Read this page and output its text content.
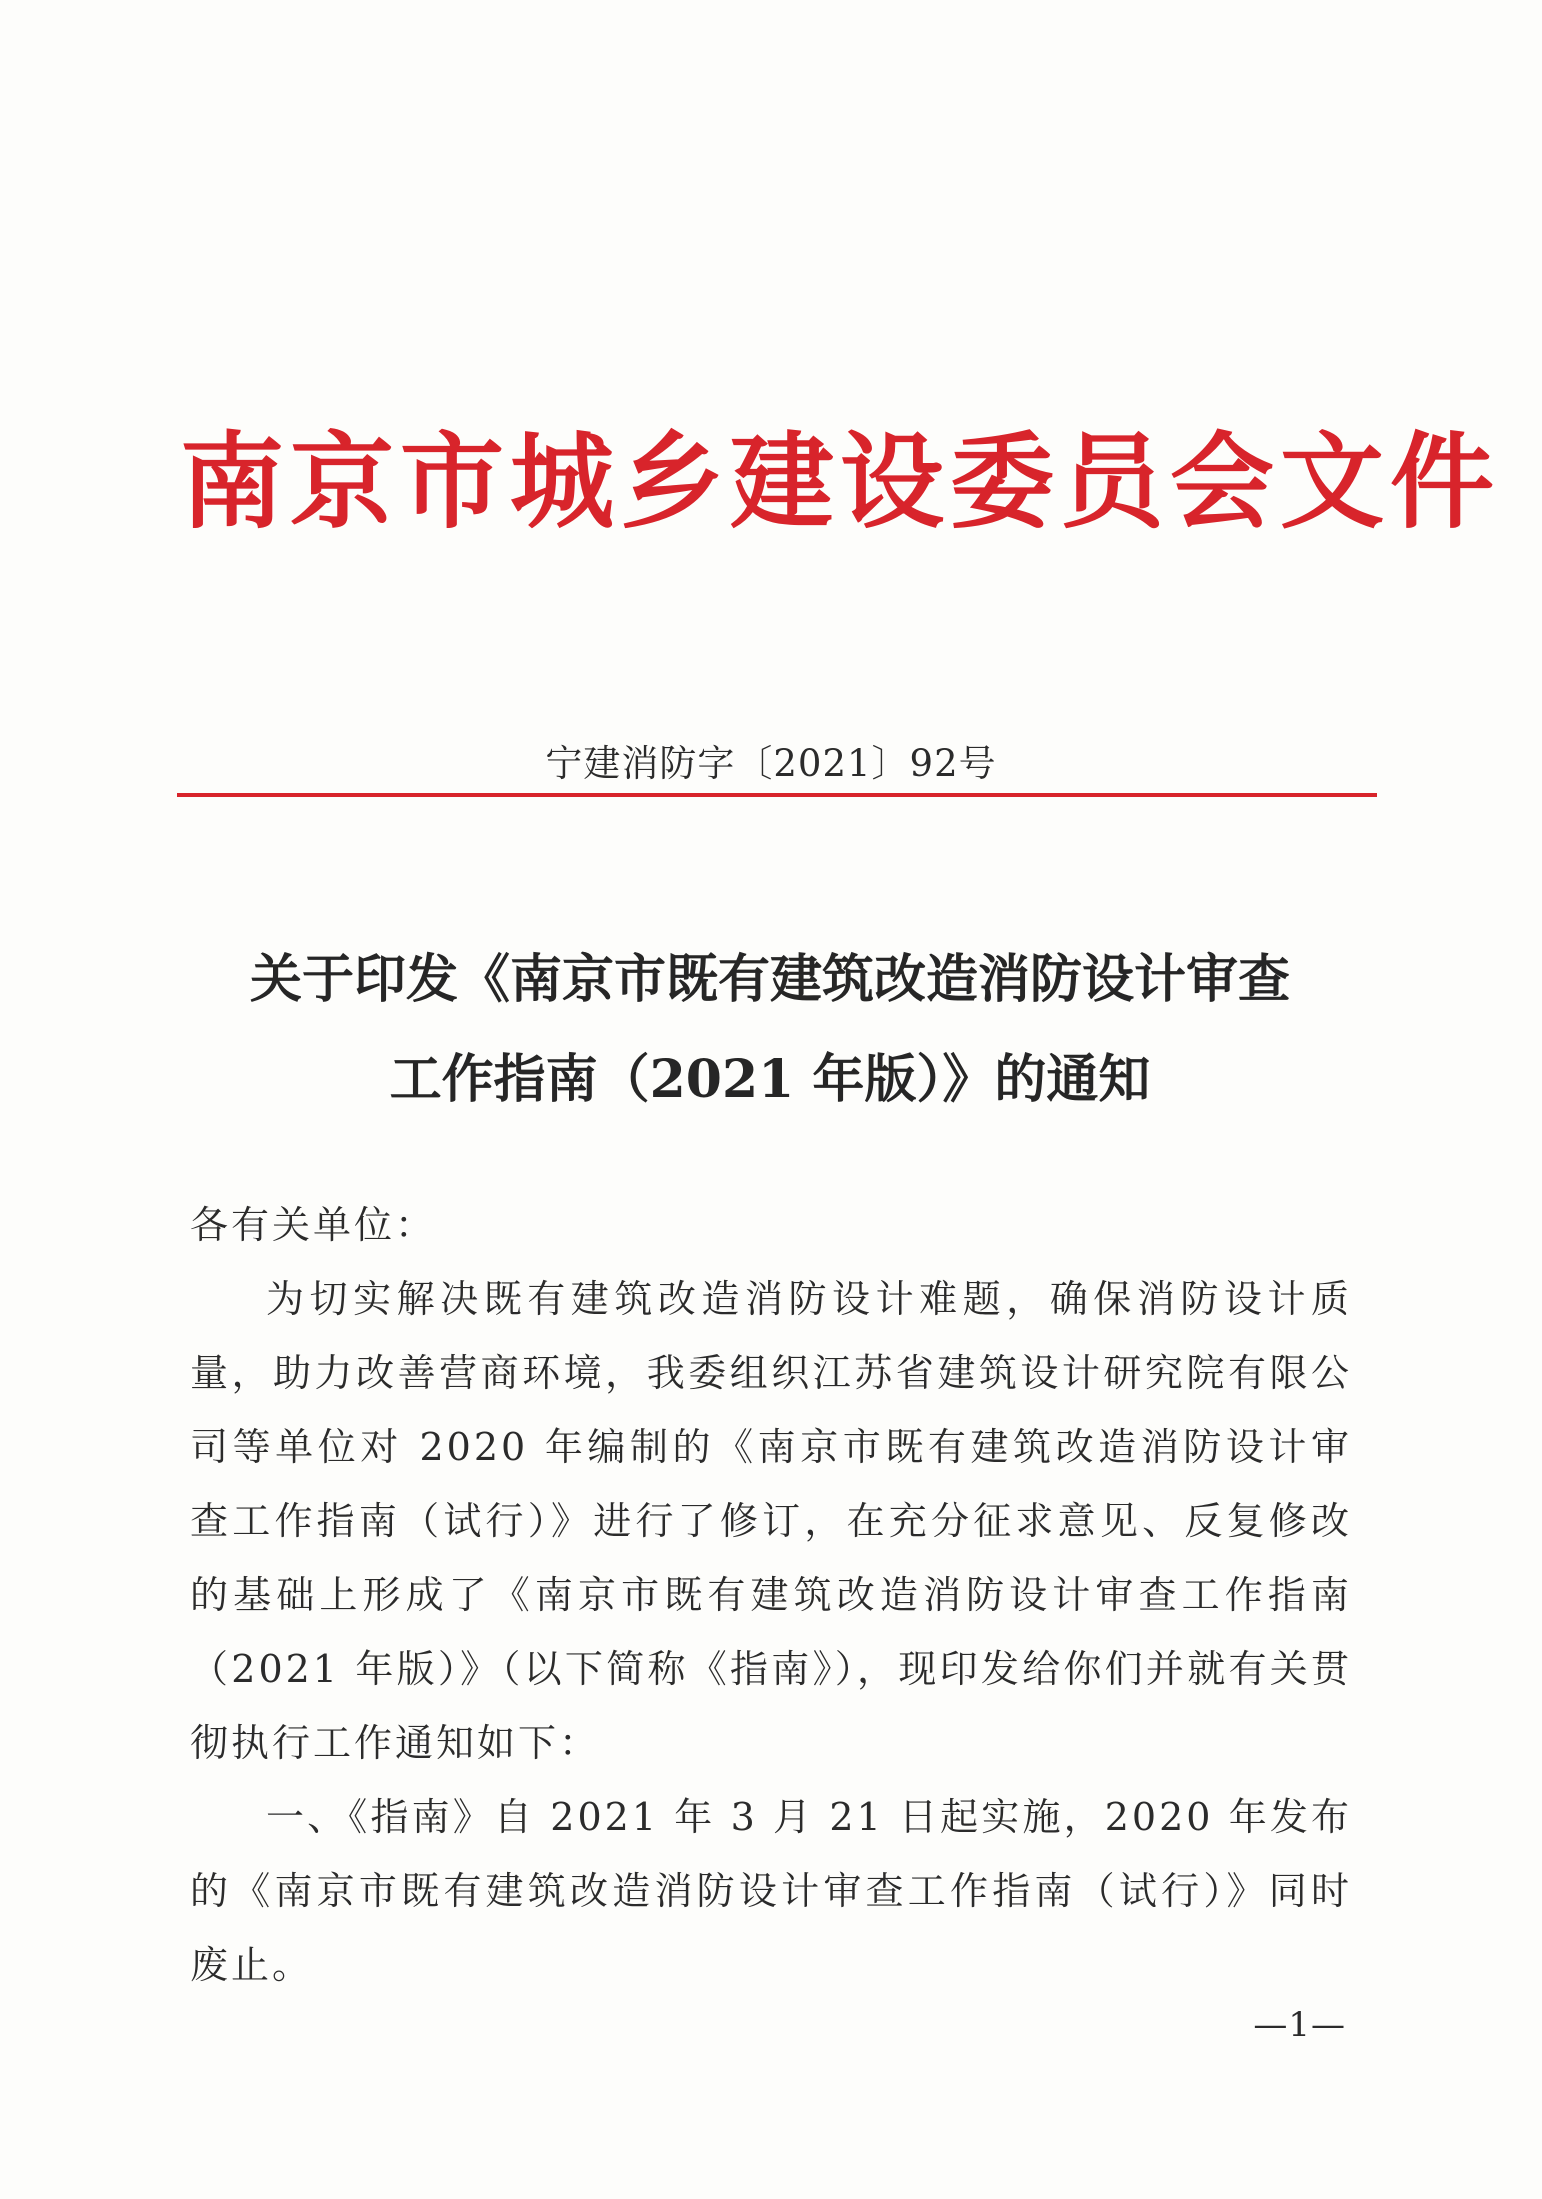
南京市城乡建设委员会文件
宁建消防字〔2021〕92号
关于印发《南京市既有建筑改造消防设计审查
工作指南（2021 年版）》的通知

各有关单位：

为切实解决既有建筑改造消防设计难题，确保消防设计质量，助力改善营商环境，我委组织江苏省建筑设计研究院有限公司等单位对 2020 年编制的《南京市既有建筑改造消防设计审查工作指南（试行）》进行了修订，在充分征求意见、反复修改的基础上形成了《南京市既有建筑改造消防设计审查工作指南（2021 年版）》（以下简称《指南》），现印发给你们并就有关贯彻执行工作通知如下：

一、《指南》自 2021 年 3 月 21 日起实施，2020 年发布的《南京市既有建筑改造消防设计审查工作指南（试行）》同时废止。

—1—
